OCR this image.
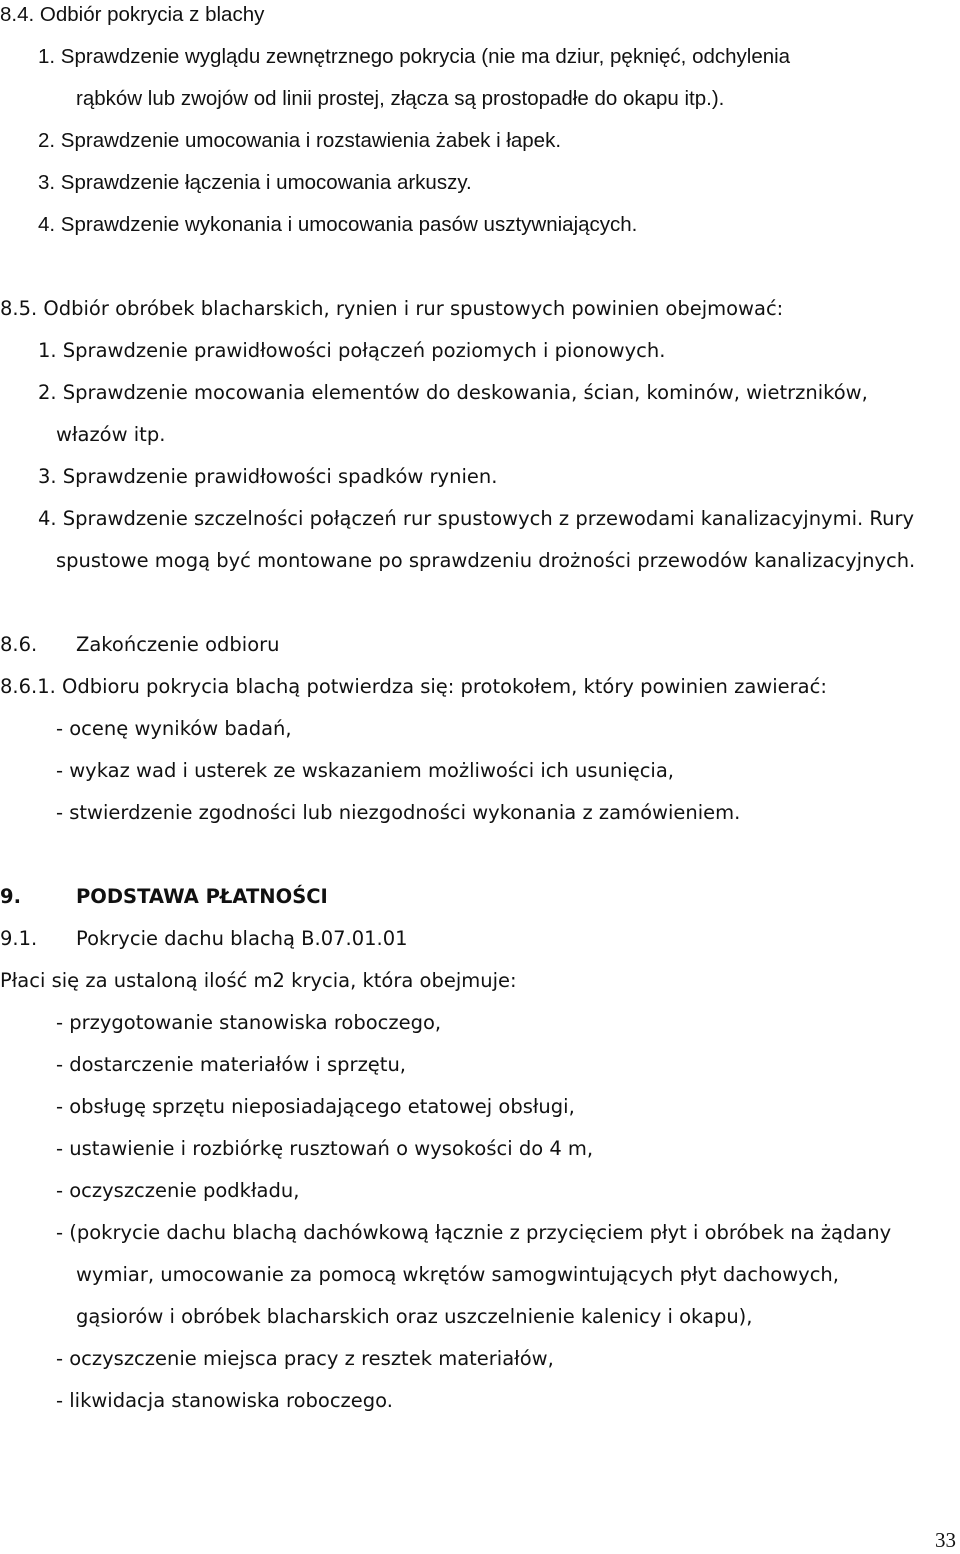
8.4. Odbiór pokrycia z blachy
1. Sprawdzenie wyglądu zewnętrznego pokrycia (nie ma dziur, pęknięć, odchylenia
rąbków lub zwojów od linii prostej, złącza są prostopadłe do okapu itp.).
2. Sprawdzenie umocowania i rozstawienia żabek i łapek.
3. Sprawdzenie łączenia i umocowania arkuszy.
4. Sprawdzenie wykonania i umocowania pasów usztywniających.
8.5. Odbiór obróbek blacharskich, rynien i rur spustowych powinien obejmować:
1. Sprawdzenie prawidłowości połączeń poziomych i pionowych.
2. Sprawdzenie mocowania elementów do deskowania, ścian, kominów, wietrzników,
włazów itp.
3. Sprawdzenie prawidłowości spadków rynien.
4. Sprawdzenie szczelności połączeń rur spustowych z przewodami kanalizacyjnymi. Rury
spustowe mogą być montowane po sprawdzeniu drożności przewodów kanalizacyjnych.
8.6. Zakończenie odbioru
8.6.1. Odbioru pokrycia blachą potwierdza się: protokołem, który powinien zawierać:
- ocenę wyników badań,
- wykaz wad i usterek ze wskazaniem możliwości ich usunięcia,
- stwierdzenie zgodności lub niezgodności wykonania z zamówieniem.
9.	PODSTAWA PŁATNOŚCI
9.1. Pokrycie dachu blachą B.07.01.01
Płaci się za ustaloną ilość m2 krycia, która obejmuje:
- przygotowanie stanowiska roboczego,
- dostarczenie materiałów i sprzętu,
- obsługę sprzętu nieposiadającego etatowej obsługi,
- ustawienie i rozbiórkę rusztowań o wysokości do 4 m,
- oczyszczenie podkładu,
- (pokrycie dachu blachą dachówkową łącznie z przycięciem płyt i obróbek na żądany
wymiar, umocowanie za pomocą wkrętów samogwintujących płyt dachowych,
gąsiorów i obróbek blacharskich oraz uszczelnienie kalenicy i okapu),
- oczyszczenie miejsca pracy z resztek materiałów,
- likwidacja stanowiska roboczego.
33
